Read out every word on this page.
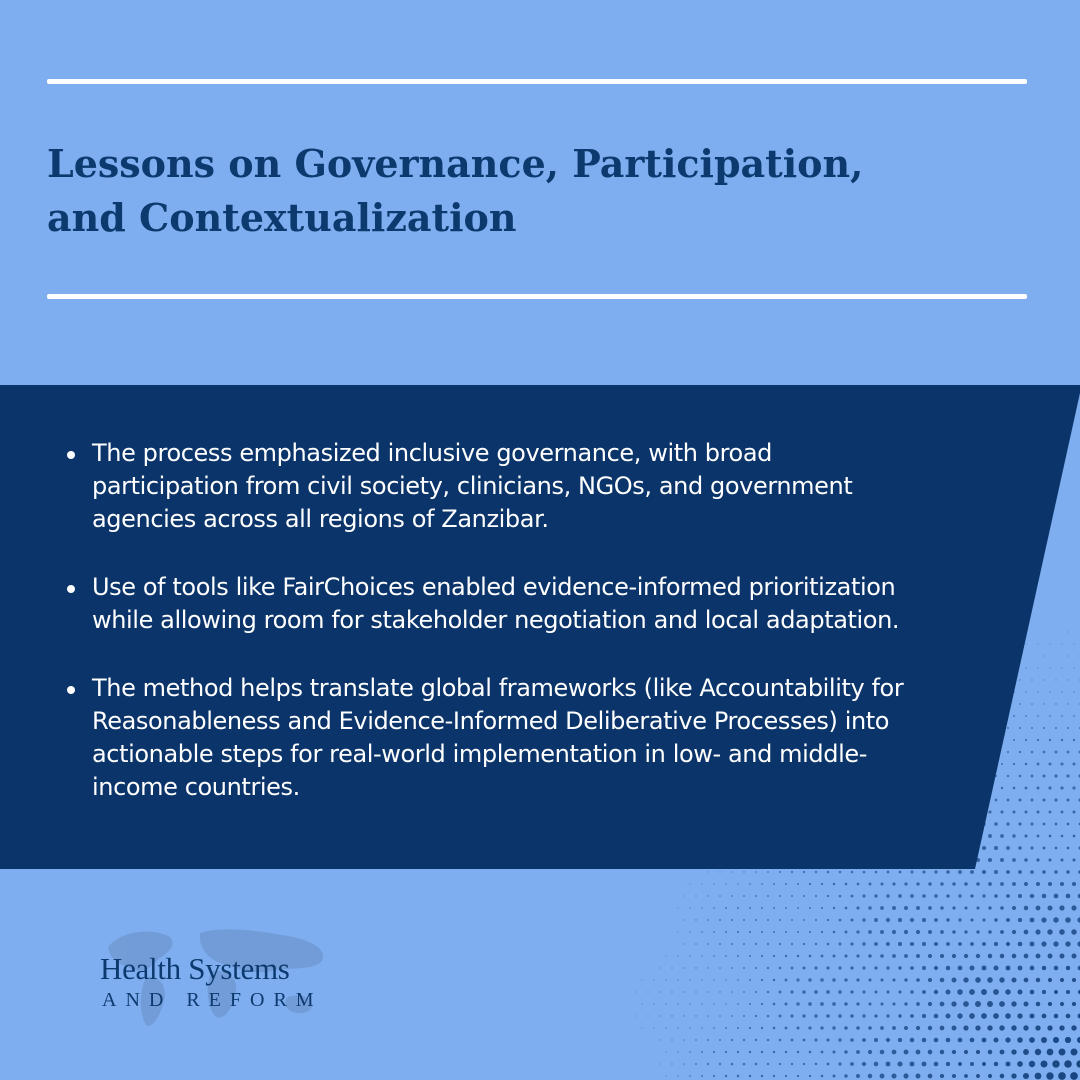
Lessons on Governance, Participation,
and Contextualization
The process emphasized inclusive governance, with broad
participation from civil society, clinicians, NGOs, and government
agencies across all regions of Zanzibar.
Use of tools like FairChoices enabled evidence-informed prioritization
while allowing room for stakeholder negotiation and local adaptation.
The method helps translate global frameworks (like Accountability for
Reasonableness and Evidence-Informed Deliberative Processes) into
actionable steps for real-world implementation in low- and middle-
income countries.
Health Systems
AND REFORM
